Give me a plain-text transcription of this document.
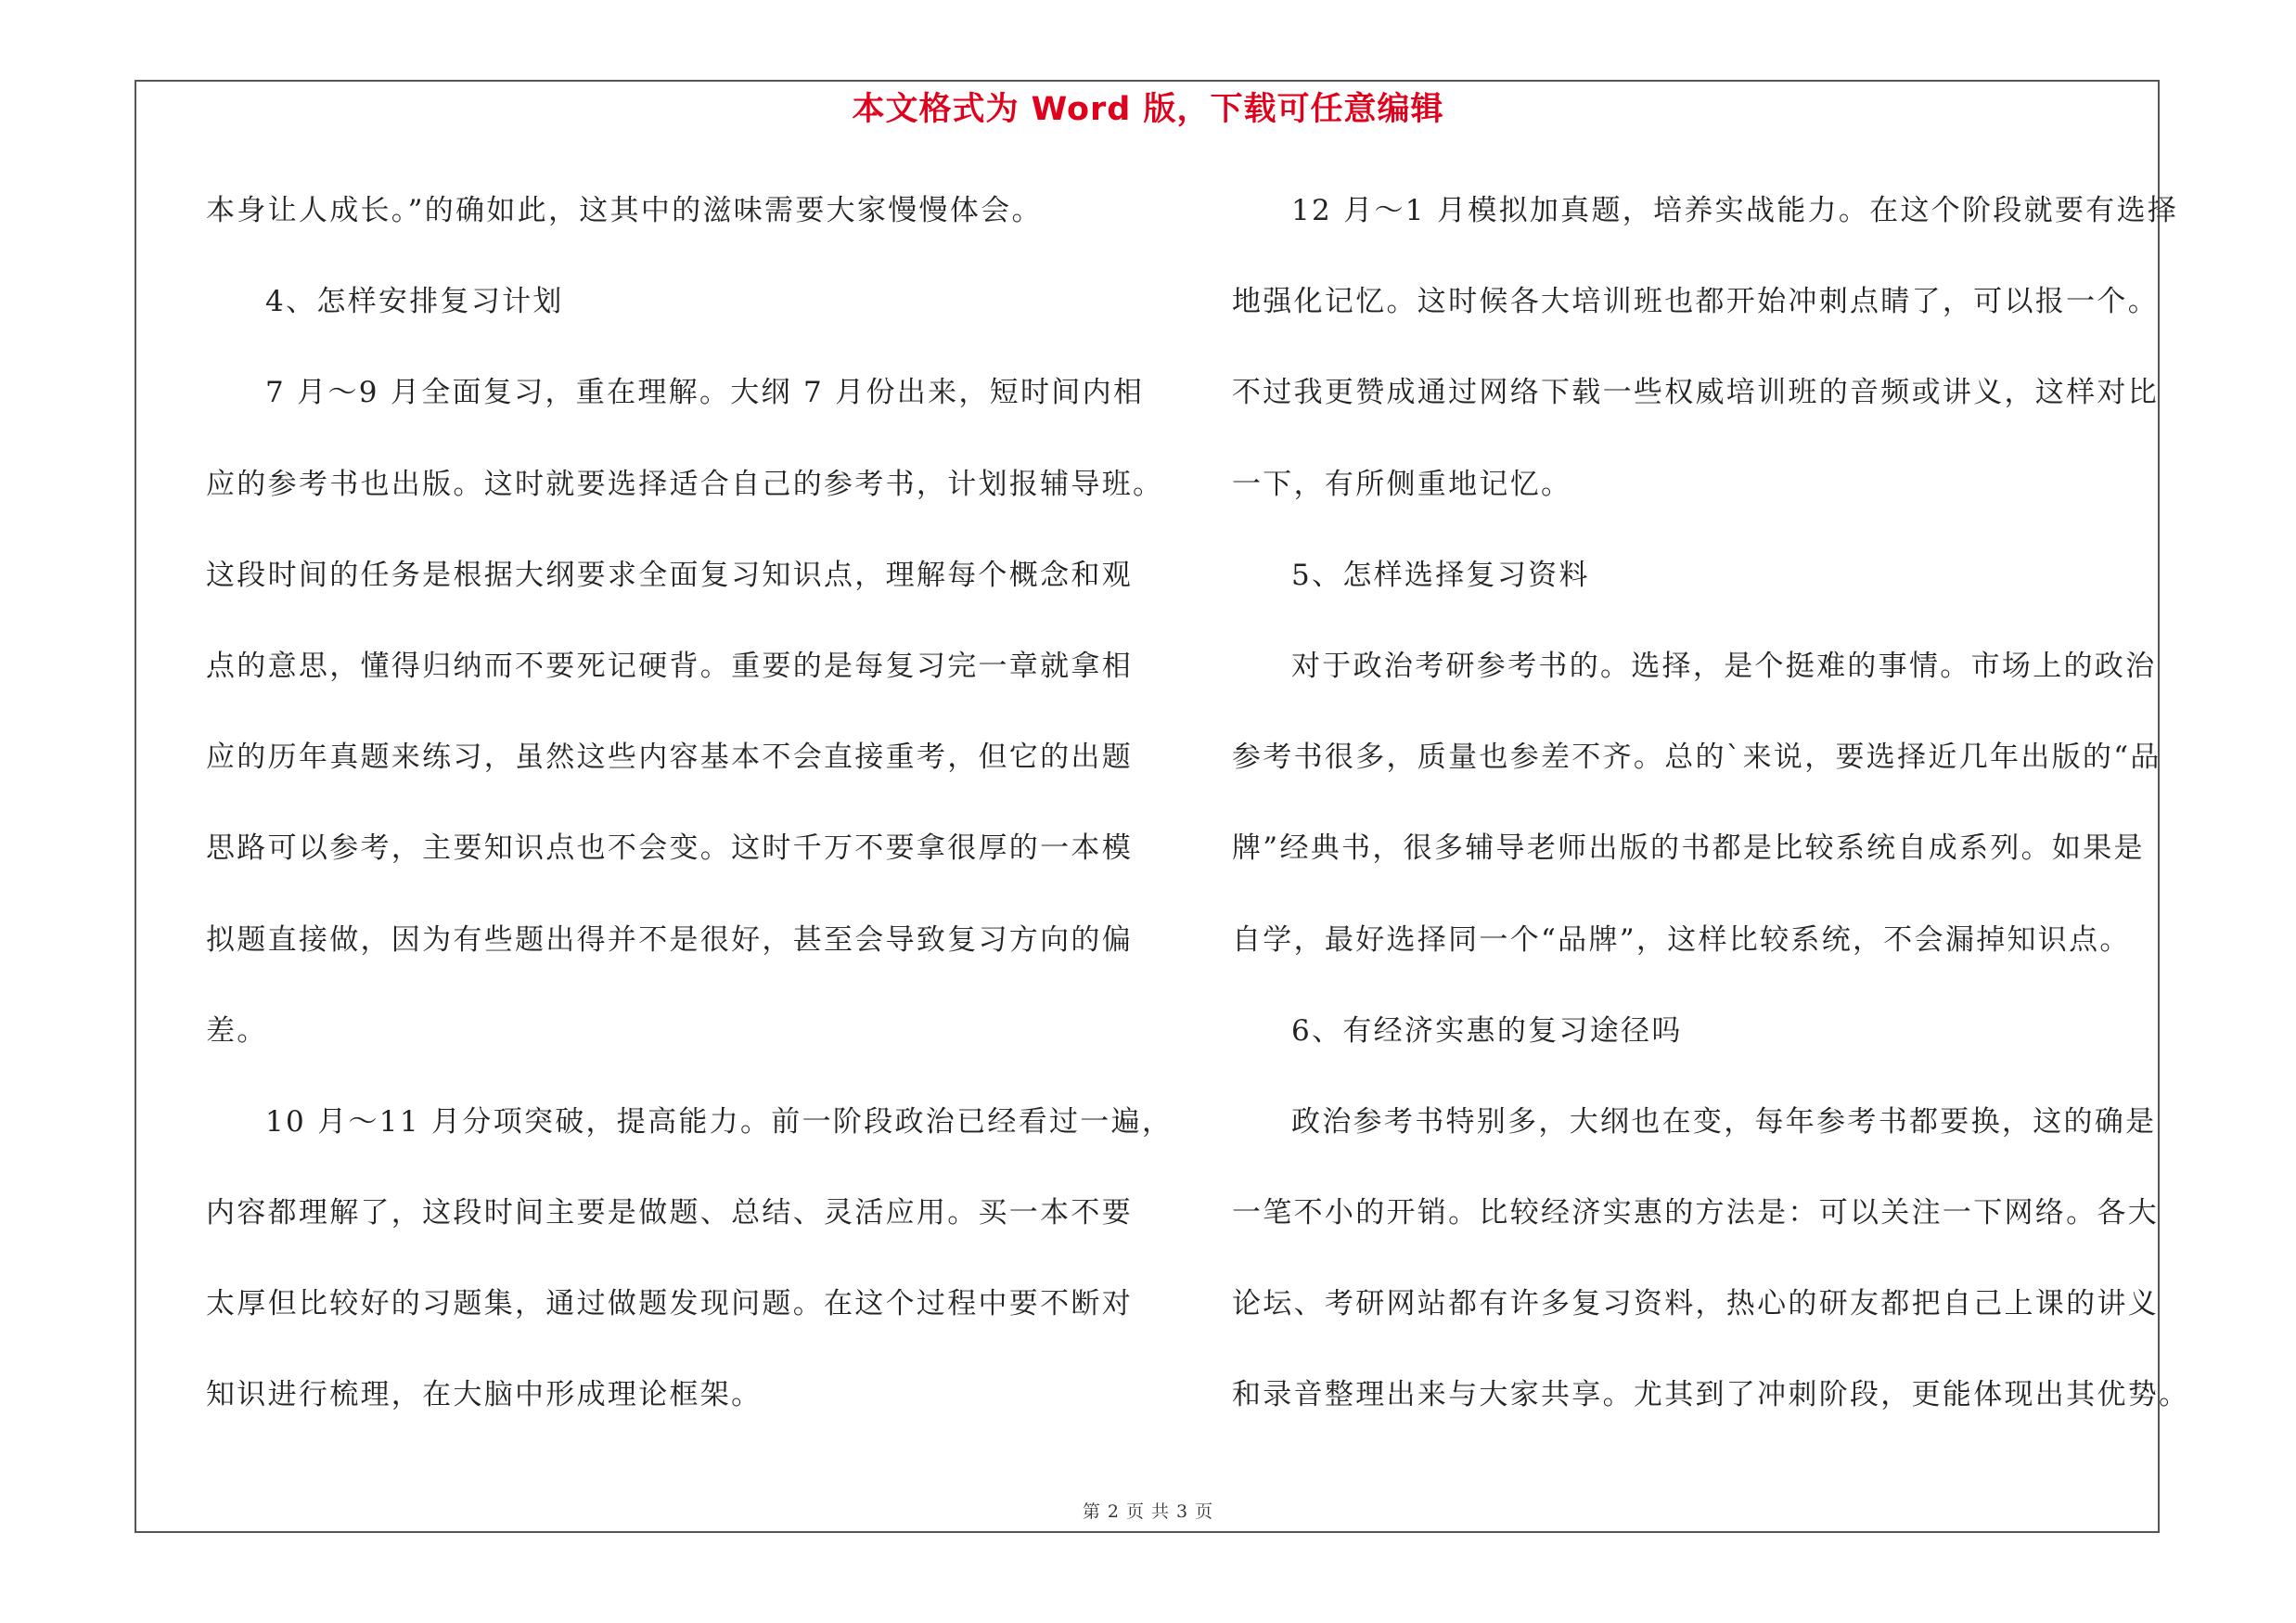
本文格式为 Word 版，下载可任意编辑
本身让人成长。”的确如此，这其中的滋味需要大家慢慢体会。
4、怎样安排复习计划
7 月～9 月全面复习，重在理解。大纲 7 月份出来，短时间内相
应的参考书也出版。这时就要选择适合自己的参考书，计划报辅导班。
这段时间的任务是根据大纲要求全面复习知识点，理解每个概念和观
点的意思，懂得归纳而不要死记硬背。重要的是每复习完一章就拿相
应的历年真题来练习，虽然这些内容基本不会直接重考，但它的出题
思路可以参考，主要知识点也不会变。这时千万不要拿很厚的一本模
拟题直接做，因为有些题出得并不是很好，甚至会导致复习方向的偏
差。
10 月～11 月分项突破，提高能力。前一阶段政治已经看过一遍，
内容都理解了，这段时间主要是做题、总结、灵活应用。买一本不要
太厚但比较好的习题集，通过做题发现问题。在这个过程中要不断对
知识进行梳理，在大脑中形成理论框架。
12 月～1 月模拟加真题，培养实战能力。在这个阶段就要有选择
地强化记忆。这时候各大培训班也都开始冲刺点睛了，可以报一个。
不过我更赞成通过网络下载一些权威培训班的音频或讲义，这样对比
一下，有所侧重地记忆。
5、怎样选择复习资料
对于政治考研参考书的。选择，是个挺难的事情。市场上的政治
参考书很多，质量也参差不齐。总的`来说，要选择近几年出版的“品
牌”经典书，很多辅导老师出版的书都是比较系统自成系列。如果是
自学，最好选择同一个“品牌”，这样比较系统，不会漏掉知识点。
6、有经济实惠的复习途径吗
政治参考书特别多，大纲也在变，每年参考书都要换，这的确是
一笔不小的开销。比较经济实惠的方法是：可以关注一下网络。各大
论坛、考研网站都有许多复习资料，热心的研友都把自己上课的讲义
和录音整理出来与大家共享。尤其到了冲刺阶段，更能体现出其优势。
第 2 页 共 3 页
